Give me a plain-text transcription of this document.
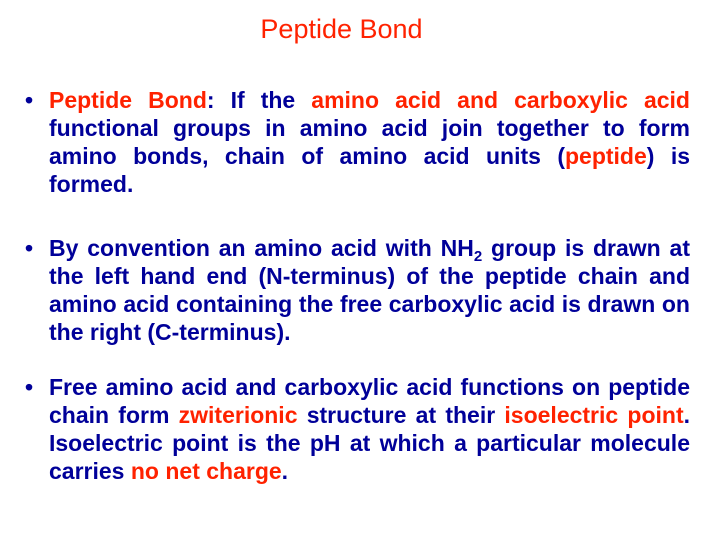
Peptide Bond
• Peptide Bond: If the amino acid and carboxylic acid functional groups in amino acid join together to form amino bonds, chain of amino acid units (peptide) is formed.
• By convention an amino acid with $NH_2$ group is drawn at the left hand end (N-terminus) of the peptide chain and amino acid containing the free carboxylic acid is drawn on the right (C-terminus).
• Free amino acid and carboxylic acid functions on peptide chain form zwiterionic structure at their isoelectric point. Isoelectric point is the pH at which a particular molecule carries no net charge.
